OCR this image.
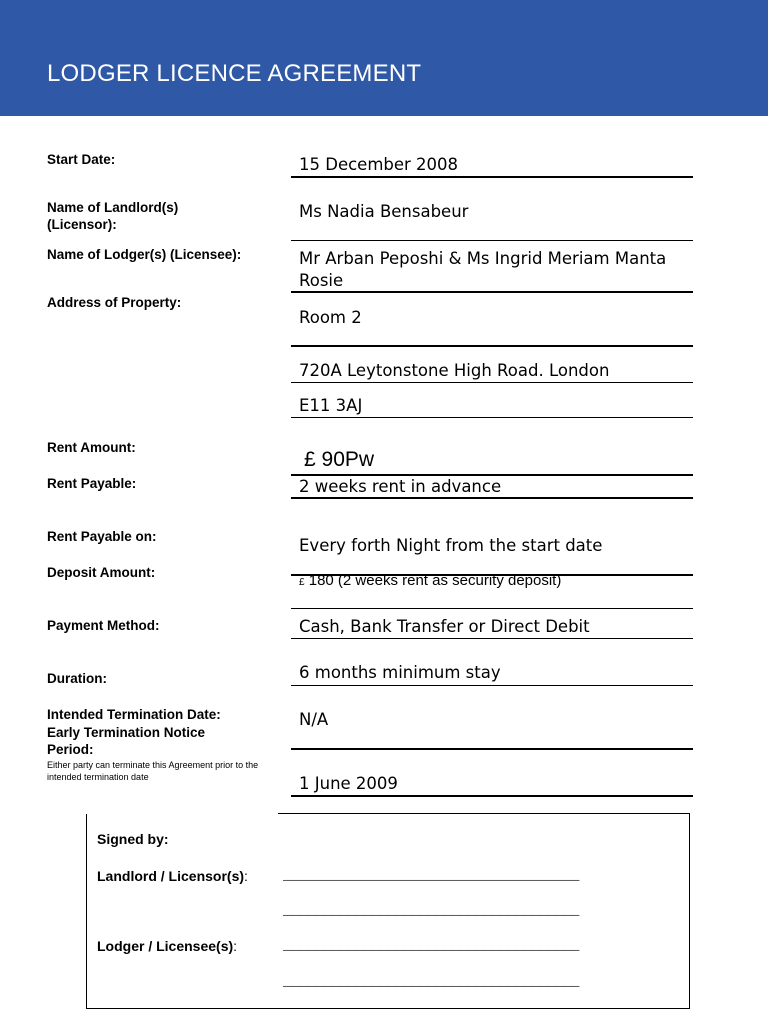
LODGER LICENCE AGREEMENT
Start Date:	15 December 2008
Name of Landlord(s) (Licensor):
Ms Nadia Bensabeur
Name of Lodger(s) (Licensee):	Mr Arban Peposhi & Ms Ingrid Meriam Manta Rosie
Address of Property:
Room 2
720A Leytonstone High Road. London
E11 3AJ
Rent Amount:
£ 90Pw
Rent Payable:	2 weeks rent in advance
Rent Payable on:	Every forth Night from the start date
Deposit Amount:
£ 180 (2 weeks rent as security deposit)
Payment Method:	Cash, Bank Transfer or Direct Debit
Duration:	6 months minimum stay
Intended Termination Date:	N/A
Early Termination Notice Period:
Either party can terminate this Agreement prior to the intended termination date	1 June 2009
Signed by:
Landlord / Licensor(s):	_____________________________________
_____________________________________
Lodger / Licensee(s):	_____________________________________
_____________________________________
